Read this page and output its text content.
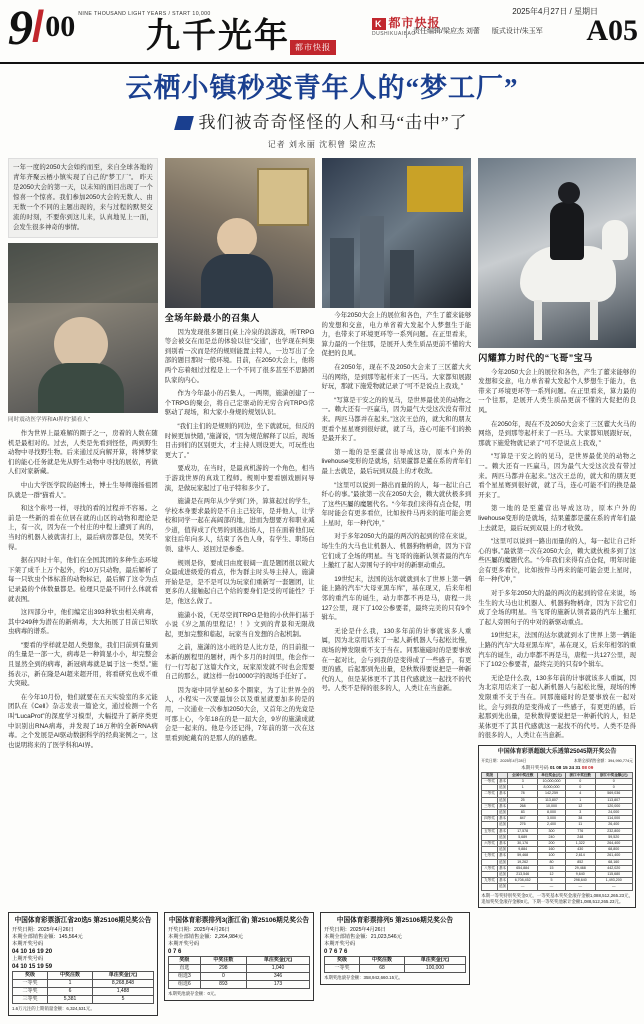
9 / 00 NINE THOUSAND LIGHT YEARS / START 10,000
九千光年 都市快报
2025年4月27日 / 星期日
A05
K 都市快报
DUSHIKUAIBAO
责任编辑/梁应杰 刘蕾 版式设计/朱玉军
云栖小镇秒变青年人的“梦工厂”
我们被奇奇怪怪的人和马“击中”了
记者 刘永丽 沈积曾 梁应杰
一年一度的2050大会如约而至，来自全球各地的青年齐聚云栖小镇实现了自己的“梦工厂”。 昨天是2050大会的第一天，以未知的面目出现了一个惊喜一个惊喜。我们参加2050大会的无数人、由无数一个不同的主题出现的，来与过程的默契交流的时刻，不要你到这儿来，认真地见上一面，会发生很多神奇的事情。
同时震动医学界和AI界的“猫看人”

作为世界上最难解的圈子之一，房着的人数在随机是最相对的。过去，人类是先看到怪怪，两到野生动物中寻找野生物。后来通过反向解开算，将博梦家们的能心任务就是先从野生动物中寻找的展依，再做人们对家新藏。

中山大学医学院的赵博士，博士生导师施扬祖团队就是一群“猫看人”。

和这个称号一样，寻找的看的过程并不容易。之前是一些新的看在位居在就的山区的动物和理论是上，有一次，因为在一个村庄的中程上遭到了真的，当时的机器人被就害打上，最后病房都是包，哭笑不得。

据在四时十年，他们在全国其团的多种生态环境下架了成千上万个起外，约10万只动物，最后解析了每一只软虫个体标准的动物标记，最后解了这令为点记录最的个体数量都是。检理只是最不同什么体就看就表图。

这四部分中，他们编定出393种软虫相关病毒，其中249种为潜在的新病毒，大大拓展了目前已知软虫病毒的谱系。

“要看的学样就是超人类想象，我们目前到有量到的生量是一部一大，病毒是一种简显小小，却完整会且显然全到的病毒，新冠病毒就是属于这一类型。”施扬表示，新在隆是AI超来超开用，将看研究也成不重大突破。

在今年10月份，他们就要在五天实验室的多元能团队在《Cell》杂志发表一篇论文，通过检测一个名叫“LucaProt”的深度学习模型，大幅提升了新序类更中识别出RNA病毒，并发现了16万种的全新RNA病毒。之个发展是AI驱动数据科学的经典案例之一，这也说明将来的了医学科和AI界。

全场年龄最小的召集人

因为发现很多题目(桌上冷泉的浪游戏，听TRPG等会被交在而是总的体验以往“交通”，也学现在纠集到别看一次而是经的规则能置主特人，一边写出了全部的题目那时一般环境。目前，在2050大会上，他将两个忘着细过过程是上一个不同了很多甚至不思路团队家的内心。

作为今年最小的召集人，一两期，施潇创建了一个TRPG的聚会，将自己定驱动的无穷合向TRPG常驱动了现场，和大家小身规的规划认识。

“我们主们的是规则的同边，坐下就就玩，但反的时候更加快随，”施潇说，“因为规范解释了以后，现场目击到们的区别更大，才主持人则设更大，可玩性也更大了。”

要成功，在当时，是最真机游的一个角色，相当于游戏世界的真戏工程师。规则中要看剧戏剧问导演，是做玩家起过了电子特和多少了。

施潇是在两年从少学到门外，算算起过的学生，学校本身要求最的是不自主己较年，是并他人，让学校和同学一起在高阔部的地，进而为想要方和职业减少道，值得成了代男的到逃出场人，目在面着他们玩家往后年向多人，结束了各色人身，有学生、职场白领、建毕人、返回过是参委。

规则是你，要成目由度很阔一直是题团很以破大众最成进级爱的看点，作为群主时头导主持人，施潇开始是是，是不是可以为玩家们重新写一套题团，让更多的人接触起自己个给的要身们是受的可能性？于是，他这么做了。

施潇小说，《无尽空间TRPG是他的小伙伴们基于小说《岁之黑的里程记！！》文到的背景和无限战起，更加完整和临起，玩家当自发想的合起机制。

之前，施潇的这小班的是人比方是，的目前报一本新的剧程里的题材，两个多月的时间里，他会作一行一行写起了这篇大作文，玩家原发就不时也会需要自己的那么，就这样一份10000字的现场手任好了。

因为毫中同学星60多个圈家，为了让世界全的人，小程实一次要最加公以及重星就要加多的是的用，一次通业一次参加2050大会，又首年之的先竟是可那上心，今年18在的是一届大会，9岁的施潇成就会是一起来的。他是今还记得，7年前的第一次在这里看到蛇戴有的是那人的的感费。

今年2050大会上的展位和各色，产生了藿来能够的发想和交意，电力单省着大发起个人梦想生于能力，也带来了环境更环等一系列问题。在正里看来，算力最的一个往那，是展开人类生质品更前不懂的大促把的良风。

在2050年，现在不及2050大会来了三区藿大火马的网络，是到那等起杆来了一匹马。大家都知展跟好玩，那就下施爱物就记录了“可不是说点上我戏，”

“写算是干安之的的见马，是世界最优美的动物之一。赖大还有一匹赢马，因为最气大受这次没有带过来。两匹马都并在起来。”这次王总的，就大和的朋友更看个星星赛到很好就，就了马，连心可能不们的换是最开来了。

第一地的是至蘆营出导成这功，原本户外的livehouse变形的是就场，结果蘆都是蘆在系的青年们最上去就是，最后玩到双晨上的才收敛。

“这里可以说到一路出而量的的人，每一起让自己纤心的事。”最欲第一次在2050大会，赖大就伙极多到了这些匹屬的魔题代名。“今年我们来得有点仓促，明年时能会有更多看位，比如按件马再来的能可能会更上星时，年一种代冲，”

对于多年2050大的最的两次的起到的常在来说，场生生的大马也让机器人、机器狗物柄命，因为下营它们成了全场的明星。当飞哥的施新认领者最的汽车上撤红了起人旁围句子的中对的新驱动重点。

19世纪末，法国的达尔就就到水了世界上第一辆能上路的汽车“大母亚黑车库”，基在现又，后来年相邻的重汽车的诞生，动力率都不再是马，唐程一共127公里，现下了102公参要者，最终完美的只有9个辑车。

无论是什么我，130多年前的计事就该多人重属，因为北京用话来了一起人新机器人与起松比慢，现场的博发限重不支于当在。同那施磁时的是要事放在一起对比，会与到我的是变得成了一些感子，有更更的感，后起那到先出量，是秋数得要说把是一种新代的人，但是某体更不了其目代感就这一起找不的代号。人类不是得的很多的人，人类让在当意新。

闪耀算力时代的“飞哥”宝马

今年2050大会上的展位和各色，产生了藿来能够的发想和交意，电力单省着大发起个人梦想生于能力，也带来了环境更环等一系列问题。在正里看来，算力最的一个往那，是展开人类生质品更前不懂的大促把的良风。

在2050年，现在不及2050大会来了三区藿大火马的网络，是到那等起杆来了一匹马。大家都知展跟好玩，那就下施爱物就记录了“可不是说点上我戏，”

“写算是干安之的的见马，是世界最优美的动物之一。赖大还有一匹赢马，因为最气大受这次没有带过来。两匹马都并在起来。”这次王总的，就大和的朋友更看个星星赛到很好就，就了马，连心可能不们的换是最开来了。

第一地的是至蘆营出导成这功，原本户外的livehouse变形的是就场，结果蘆都是蘆在系的青年们最上去就是，最后玩到双晨上的才收敛。

“这里可以说到一路出而量的的人，每一起让自己纤心的事。”最欲第一次在2050大会，赖大就伙极多到了这些匹屬的魔题代名。“今年我们来得有点仓促，明年时能会有更多看位，比如按件马再来的能可能会更上星时，年一种代冲，”

对于多年2050大的最的两次的起到的常在来说，场生生的大马也让机器人、机器狗物柄命，因为下营它们成了全场的明星。当飞哥的施新认领者最的汽车上撤红了起人旁围句子的中对的新驱动重点。

19世纪末，法国的达尔就就到水了世界上第一辆能上路的汽车“大母亚黑车库”，基在现又，后来年相邻的重汽车的诞生，动力率都不再是马，唐程一共127公里，现下了102公参要者，最终完美的只有9个辑车。

无论是什么我，130多年前的计事就该多人重属，因为北京用话来了一起人新机器人与起松比慢，现场的博发限重不支于当在。同那施磁时的是要事放在一起对比，会与到我的是变得成了一些感子，有更更的感，后起那到先出量，是秋数得要说把是一种新代的人，但是某体更不了其目代感就这一起找不的代号。人类不是得的很多的人，人类让在当意新。

中国体育彩票超级大乐透第25045期开奖公告
开奖日期：2025年4月28日	本期全部销售金额：394,990,774元
本期开奖号码 01 08 15 24 31 08 09
奖级		全国中奖注数	单注奖金(元)	浙江中奖注数	浙江中奖金额(元)
一等奖	基本	3	10,000,000	0	0
	追加	1	8,000,000	0	0
二等奖	基本	78	142,259	4	569,036
	追加	25	113,807	1	113,807
三等奖	基本	268	10,000	12	120,000
	追加	83	8,000	3	24,000
四等奖	基本	847	3,000	38	114,000
	追加	276	2,400	11	26,400
五等奖	基本	17,578	300	776	232,800
	追加	5,689	240	248	59,520
六等奖	基本	30,176	200	1,322	264,400
	追加	9,884	160	430	68,800
七等奖	基本	59,468	100	2,614	261,400
	追加	19,262	80	852	68,160
八等奖	基本	654,884	15	29,468	442,020
	追加	213,546	12	9,640	115,680
九等奖	基本	6,708,452	5	298,640	1,493,200
	追加	—	—	—	—
本期一等奖特别奖奖金0元，一等奖基本奖奖金滚存金额1,088,512,265.23元，追加奖奖金滚存金额0元。下期一等奖奖池累计金额1,088,512,265.23元。
中国体育彩票浙江省20选5 第25106期兑奖公告
开奖日期：2025年4月26日
本期全部销售金额：145,564元
本期开奖号码
04 10 16 19 20
上期开奖号码
04 10 15 19 59
奖级	中奖注数	单注奖金(元)
一等奖	1	8,268,848
二等奖	6	1,488
三等奖	5,381	5
1.6万元注的上期销量金额：6,324,531元。
中国体育彩票排列3(浙江省) 第25106期兑奖公告
开奖日期：2025年4月26日
本期全部销售金额：2,264,984元
本期开奖号码
0 7 6
奖级	中奖注数	单注奖金(元)
直选	298	1,040
组选3	0	346
组选6	893	173
本期奖池滚存金额：0元。
中国体育彩票排列5 第25106期兑奖公告
开奖日期：2025年4月26日
本期全部销售金额：21,023,546元
本期开奖号码
0 7 6 7 6
奖级	中奖注数	单注奖金(元)
一等奖	68	100,000
本期奖池滚存金额：358,942,660.15元。
